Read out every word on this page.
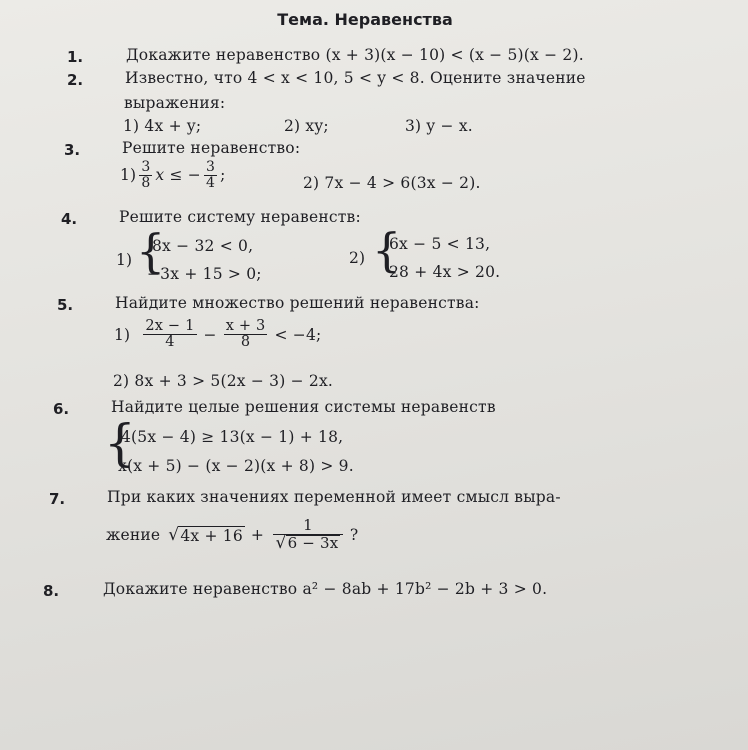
Тема. Неравенства
1.
2.
3.
4.
5.
6.
7.
8.
Докажите неравенство (x + 3)(x − 10) < (x − 5)(x − 2).
Известно, что 4 < x < 10, 5 < y < 8. Оцените значение
выражения:
1) 4x + y;	2) xy;	3) y − x.
Решите неравенство:
$1) \frac{3}{8}$ x ≤ − $\frac{3}{4}$ ;	2) 7x − 4 > 6(3x − 2).
Решите систему неравенств:
1) {
8x − 32 < 0,
−3x + 15 > 0;
2) {
6x − 5 < 13,
28 + 4x > 20.
Найдите множество решений неравенства:
$1) \frac{2x - 1}{4} - \frac{x + 3}{8} < -4$;
2) 8x + 3 > 5(2x − 3) − 2x.
Найдите целые решения системы неравенств
{
4(5x − 4) ≥ 13(x − 1) + 18,
x(x + 5) − (x − 2)(x + 8) > 9.
При каких значениях переменной имеет смысл выра-
жение √ $4x + 16 + \frac{1}{√6 - 3x}$ ?
Докажите неравенство a² − 8ab + 17b² − 2b + 3 > 0.
